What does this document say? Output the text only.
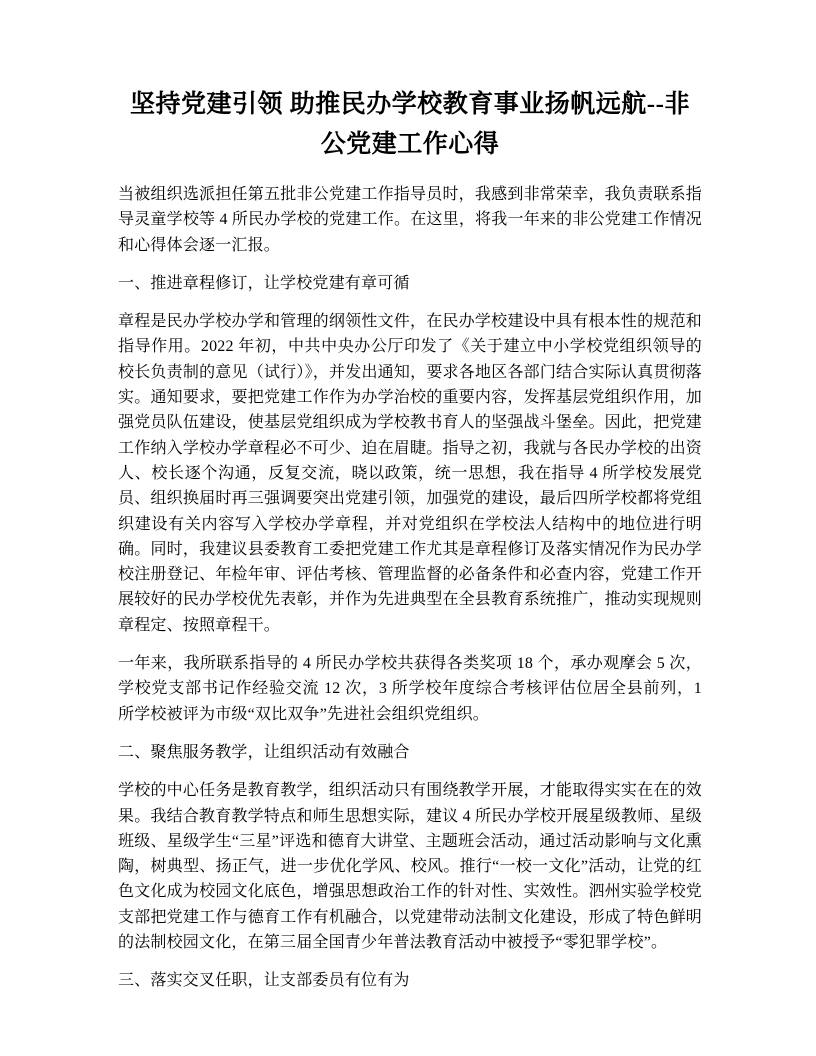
坚持党建引领 助推民办学校教育事业扬帆远航--非公党建工作心得

当被组织选派担任第五批非公党建工作指导员时，我感到非常荣幸，我负责联系指导灵童学校等 4 所民办学校的党建工作。在这里，将我一年来的非公党建工作情况和心得体会逐一汇报。

一、推进章程修订，让学校党建有章可循

章程是民办学校办学和管理的纲领性文件，在民办学校建设中具有根本性的规范和指导作用。2022 年初，中共中央办公厅印发了《关于建立中小学校党组织领导的校长负责制的意见（试行）》，并发出通知，要求各地区各部门结合实际认真贯彻落实。通知要求，要把党建工作作为办学治校的重要内容，发挥基层党组织作用，加强党员队伍建设，使基层党组织成为学校教书育人的坚强战斗堡垒。因此，把党建工作纳入学校办学章程必不可少、迫在眉睫。指导之初，我就与各民办学校的出资人、校长逐个沟通，反复交流，晓以政策，统一思想，我在指导 4 所学校发展党员、组织换届时再三强调要突出党建引领，加强党的建设，最后四所学校都将党组织建设有关内容写入学校办学章程，并对党组织在学校法人结构中的地位进行明确。同时，我建议县委教育工委把党建工作尤其是章程修订及落实情况作为民办学校注册登记、年检年审、评估考核、管理监督的必备条件和必查内容，党建工作开展较好的民办学校优先表彰，并作为先进典型在全县教育系统推广，推动实现规则章程定、按照章程干。

一年来，我所联系指导的 4 所民办学校共获得各类奖项 18 个，承办观摩会 5 次，学校党支部书记作经验交流 12 次，3 所学校年度综合考核评估位居全县前列，1 所学校被评为市级“双比双争”先进社会组织党组织。

二、聚焦服务教学，让组织活动有效融合

学校的中心任务是教育教学，组织活动只有围绕教学开展，才能取得实实在在的效果。我结合教育教学特点和师生思想实际，建议 4 所民办学校开展星级教师、星级班级、星级学生“三星”评选和德育大讲堂、主题班会活动，通过活动影响与文化熏陶，树典型、扬正气，进一步优化学风、校风。推行“一校一文化”活动，让党的红色文化成为校园文化底色，增强思想政治工作的针对性、实效性。泗州实验学校党支部把党建工作与德育工作有机融合，以党建带动法制文化建设，形成了特色鲜明的法制校园文化，在第三届全国青少年普法教育活动中被授予“零犯罪学校”。

三、落实交叉任职，让支部委员有位有为
